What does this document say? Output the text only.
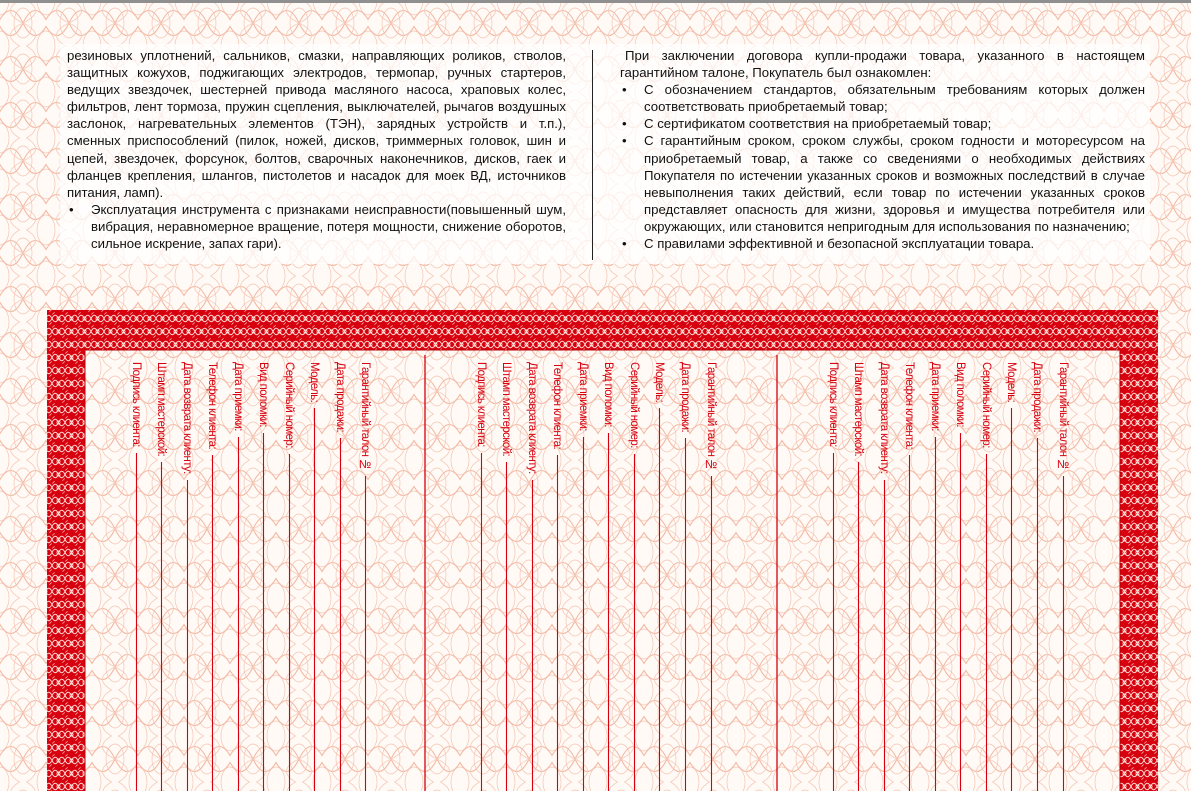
резиновых уплотнений, сальников, смазки, направляющих роликов, стволов, защитных кожухов, поджигающих электродов, термопар, ручных стартеров, ведущих звездочек, шестерней привода масляного насоса, храповых колес, фильтров, лент тормоза, пружин сцепления, выключателей, рычагов воздушных заслонок, нагревательных элементов (ТЭН), зарядных устройств и т.п.), сменных приспособлений (пилок, ножей, дисков, триммерных головок, шин и цепей, звездочек, форсунок, болтов, сварочных наконечников, дисков, гаек и фланцев крепления, шлангов, пистолетов и насадок для моек ВД, источников питания, ламп).

• Эксплуатация инструмента с признаками неисправности(повышенный шум, вибрация, неравномерное вращение, потеря мощности, снижение оборотов, сильное искрение, запах гари).

При заключении договора купли-продажи товара, указанного в настоящем гарантийном талоне, Покупатель был ознакомлен:

• С обозначением стандартов, обязательным требованиям которых должен соответствовать приобретаемый товар;
• С сертификатом соответствия на приобретаемый товар;
• С гарантийным сроком, сроком службы, сроком годности и моторесурсом на приобретаемый товар, а также со сведениями о необходимых действиях Покупателя по истечении указанных сроков и возможных последствий в случае невыполнения таких действий, если товар по истечении указанных сроков представляет опасность для жизни, здоровья и имущества потребителя или окружающих, или становится непригодным для использования по назначению;
• С правилами эффективной и безопасной эксплуатации товара.
Гарантийный талон №
Дата продажи:
Модель:
Серийный номер:
Вид поломки:
Дата приемки:
Телефон клиента:
Дата возврата клиенту:
Штамп мастерской:
Подпись клиента:	Гарантийный талон №
Дата продажи:
Модель:
Серийный номер:
Вид поломки:
Дата приемки:
Телефон клиента:
Дата возврата клиенту:
Штамп мастерской:
Подпись клиента:	Гарантийный талон №
Дата продажи:
Модель:
Серийный номер:
Вид поломки:
Дата приемки:
Телефон клиента:
Дата возврата клиенту:
Штамп мастерской:
Подпись клиента:
